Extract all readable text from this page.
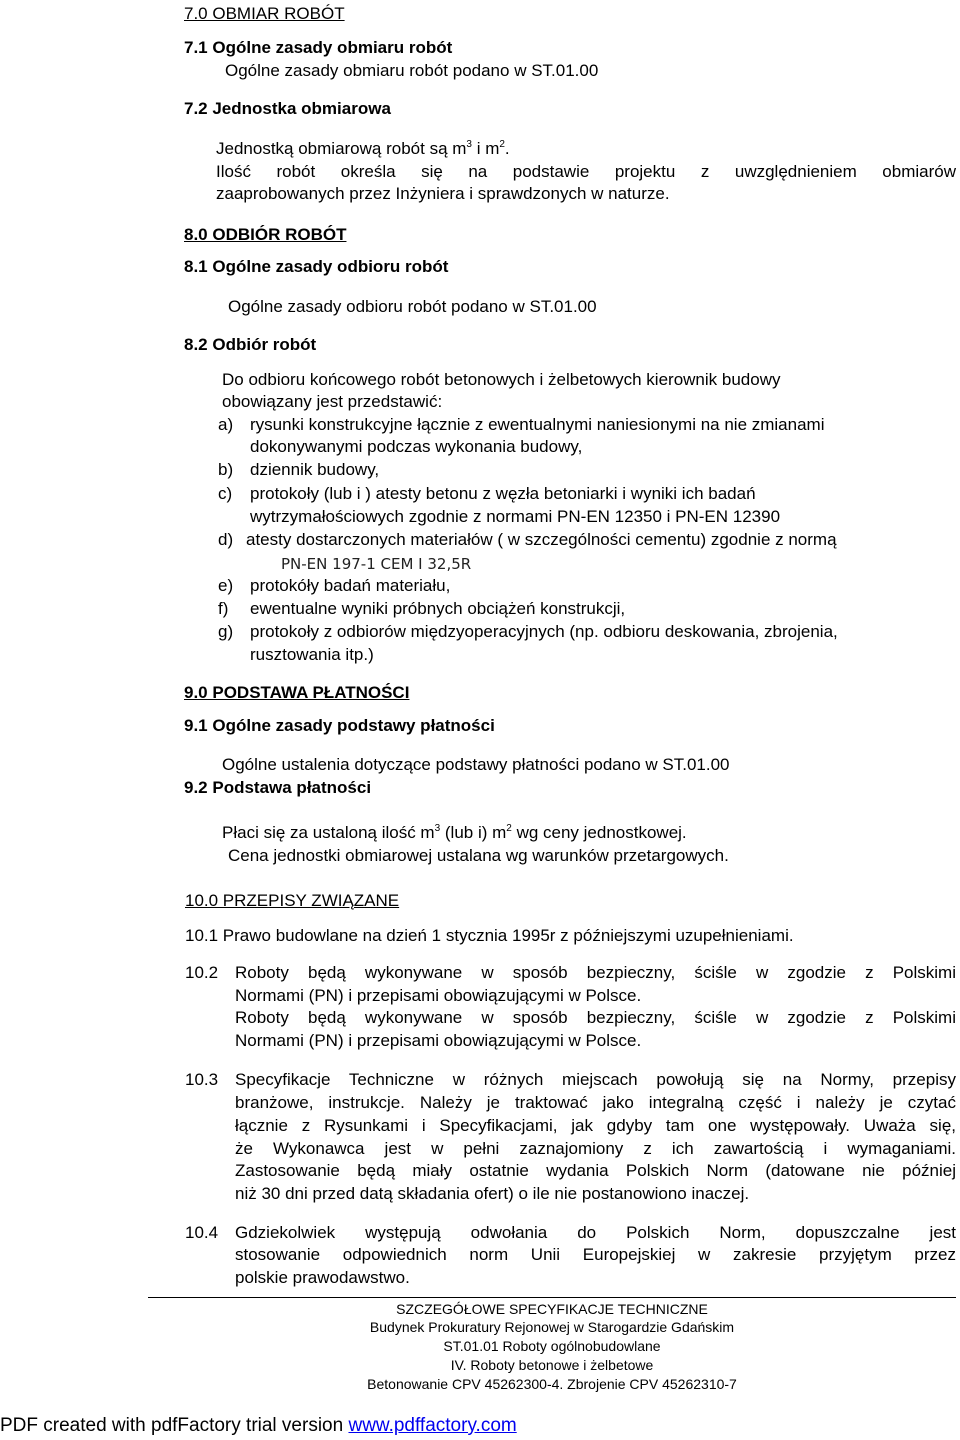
7.0 OBMIAR ROBÓT
7.1 Ogólne zasady obmiaru robót
Ogólne zasady obmiaru robót podano w ST.01.00
7.2 Jednostka obmiarowa
Jednostką obmiarową robót są $m^3$ i $m^2$.
Ilość robót określa się na podstawie projektu z uwzględnieniem obmiarów
zaaprobowanych przez Inżyniera i sprawdzonych w naturze.
8.0 ODBIÓR ROBÓT
8.1 Ogólne zasady odbioru robót
Ogólne zasady odbioru robót podano w ST.01.00
8.2 Odbiór robót
Do odbioru końcowego robót betonowych i żelbetowych kierownik budowy
obowiązany jest przedstawić:
a) rysunki konstrukcyjne łącznie z ewentualnymi naniesionymi na nie zmianami
dokonywanymi podczas wykonania budowy,
b) dziennik budowy,
c) protokoły (lub i ) atesty betonu z węzła betoniarki i wyniki ich badań
wytrzymałościowych zgodnie z normami PN-EN 12350 i PN-EN 12390
d) atesty dostarczonych materiałów ( w szczególności cementu) zgodnie z normą
PN-EN 197-1 CEM I 32,5R
e) protokóły badań materiału,
f) ewentualne wyniki próbnych obciążeń konstrukcji,
g) protokoły z odbiorów międzyoperacyjnych (np. odbioru deskowania, zbrojenia,
rusztowania itp.)
9.0 PODSTAWA PŁATNOŚCI
9.1 Ogólne zasady podstawy płatności
Ogólne ustalenia dotyczące podstawy płatności podano w ST.01.00
9.2 Podstawa płatności
Płaci się za ustaloną ilość $m^3$ (lub i) $m^2$ wg ceny jednostkowej.
Cena jednostki obmiarowej ustalana wg warunków przetargowych.
10.0 PRZEPISY ZWIĄZANE
10.1 Prawo budowlane na dzień 1 stycznia 1995r z późniejszymi uzupełnieniami.
10.2 Roboty będą wykonywane w sposób bezpieczny, ściśle w zgodzie z Polskimi
Normami (PN) i przepisami obowiązującymi w Polsce.
Roboty będą wykonywane w sposób bezpieczny, ściśle w zgodzie z Polskimi
Normami (PN) i przepisami obowiązującymi w Polsce.
10.3 Specyfikacje Techniczne w różnych miejscach powołują się na Normy, przepisy
branżowe, instrukcje. Należy je traktować jako integralną część i należy je czytać
łącznie z Rysunkami i Specyfikacjami, jak gdyby tam one występowały. Uważa się,
że Wykonawca jest w pełni zaznajomiony z ich zawartością i wymaganiami.
Zastosowanie będą miały ostatnie wydania Polskich Norm (datowane nie później
niż 30 dni przed datą składania ofert) o ile nie postanowiono inaczej.
10.4 Gdziekolwiek występują odwołania do Polskich Norm, dopuszczalne jest
stosowanie odpowiednich norm Unii Europejskiej w zakresie przyjętym przez
polskie prawodawstwo.
SZCZEGÓŁOWE SPECYFIKACJE TECHNICZNE
Budynek Prokuratury Rejonowej w Starogardzie Gdańskim
ST.01.01 Roboty ogólnobudowlane
IV. Roboty betonowe i żelbetowe
Betonowanie CPV 45262300-4. Zbrojenie CPV 45262310-7
PDF created with pdfFactory trial version www.pdffactory.com
